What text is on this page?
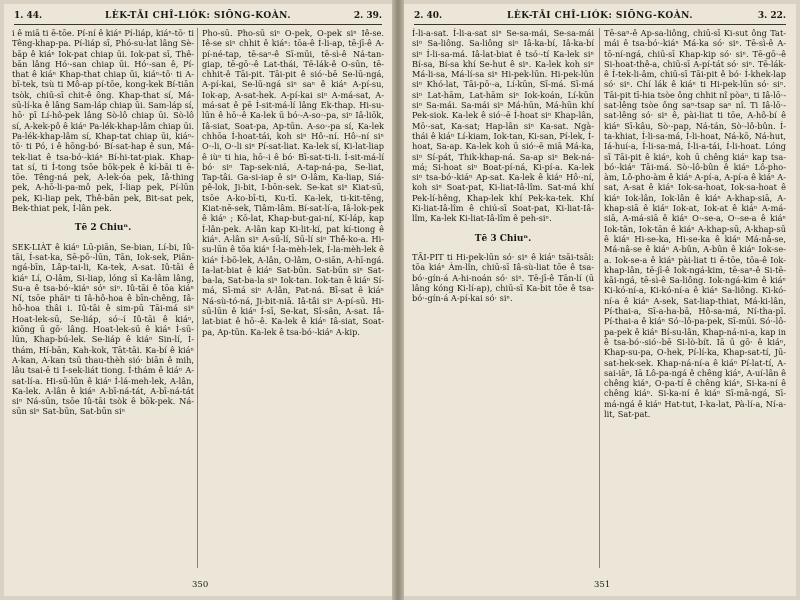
1. 44.	LÈK-TĀI CHÎ-LIÓK: SIŌNG-KOÀN.	2. 39.

i ê miā ti ē-tōe. Pí-ní ê kiáⁿ Pí-liáp, kiáⁿ-tō· ti Têng-khap-pa. Pí-liáp sī, Phó-su-lat lâng Sè-bāp ê kiáⁿ Iok-pat chiap ūi. Iok-pat sī, Thê-bān lâng Hó·-san chiap ūi. Hó·-san ê, Pí-that ê kiáⁿ Khap-that chiap ūi, kiáⁿ-tō· ti A-bī-tek, tsù ti Mô-ap pí-tōe, kong-kek Bí-tiān tsòk, chiū-sī chit-ê ông. Khap-that sí, Má-sū-lí-ka ê lâng Sam-láp chiap ūi. Sam-láp sí, hō· pī Lí-hô-pek lâng Sò-lô chiap ūi. Sò-lô sí, A-kek-pô ê kiáⁿ Pa-lék-khap-lâm chiap ūi. Pa-lék-khap-lâm sí, Khap-tat chiap ūi, kiáⁿ-tō· ti Pó, i ê hōng-bó· Bí-sat-hap ê sun, Má-tek-liat ê tsa-bó·-kiáⁿ Bí-hi-tat-piak. Khap-tat sí, ti Í-tong tsōe bōk-pek ê kí-bāi ti ē-tōe. Têng-ná pek, A-lek-óa pek, Iâ-thing pek, A-hō-li-pa-mô pek, Í-liap pek, Pí-lūn pek, Ki-liap pek, Thê-bān pek, Bit-sat pek, Bek-thiat pek, Í-lân pek.

Tē 2 Chiuⁿ.

SEK-LIÀT ê kiáⁿ Lū-piān, Se-bian, Lí-bi, Iû-tāi, Í-sat-ka, Sē-pō·-lūn, Tān, Iok-sek, Piān-ngá-bīn, Lâp-tai-li, Ka-tek, A-sat. Iû-tāi ê kiáⁿ Lí, O-lâm, Si-liap, lóng sī Ka-lâm lâng, Su-a ê tsa-bó·-kiáⁿ sóⁿ siⁿ. Iû-tāi ê tōa kiáⁿ Ní, tsōe phāiⁿ ti Iâ-hô-hoa ê bīn-chêng, Iâ-hô-hoa thâi i. Iû-tāi ê sim-pū Tāi-má siⁿ Hoat-lek-sū, Se-liáp, só·-í Iû-tāi ê kiáⁿ, kiōng ū gō· lâng. Hoat-lek-sū ê kiáⁿ Í-sū-lūn, Khap-bú-lek. Se-liáp ê kiáⁿ Sin-lí, Í-thám, Hí-bān, Kah-kok, Tāt-tāi. Ka-bí ê kiáⁿ A-kan, A-kan tsū thau-thèh sió· biān ê mih, lâu tsai-ē ti Í-sek-liát tiong. Í-thám ê kiáⁿ A-sat-lí-a. Hi-sū-lūn ê kiáⁿ Í-lá-meh-lek, A-lân, Ka-lek. A-lân ê kiáⁿ A-bī-ná-tát, A-bī-ná-tát siⁿ Ná-sūn, tsōe Iû-tāi tsòk ê bōk-pek. Ná-sūn siⁿ Sat-būn, Sat-būn siⁿ

Pho-sū. Pho-sū siⁿ O-pek, O-pek siⁿ Iê-se. Iê-se siⁿ chhit ê kiáⁿ: tōa-ê Í-li-ap, tē-jī-ê A-pí-né-tap, tē-saⁿ-ê Sī-mūi, tē-sì-ê Ná-tan-giap, tē-gō·-ê Lat-thái, Tē-lák-ê O-sūn, tē-chhit-ê Tāi-pit. Tāi-pit ê sió·-bē Se-lū-ngá, A-pí-kai, Se-lū-ngá siⁿ saⁿ ê kiáⁿ A-pí-su, Iok-ap, A-sat-hek. A-pí-kai siⁿ A-má-sat, A-má-sat ê pē Í-sit-má-lí lâng Ek-thap. Hi-su-lūn ê hō·-ê Ka-lek ū bó·-A-so·-pa, siⁿ Iâ-liōk, Iâ-siat, Soat-pa, Ap-tūn. A-so·-pa sí, Ka-lek chhōa Í-hoat-tái, koh siⁿ Hô·-ní. Hô·-ní siⁿ O·-li, O·-li siⁿ Pí-sat-liat. Ka-lek sí, Ki-lat-liap ê iùⁿ ti hia, hō·-i ê bó· Bī-sat-ti-li. Í-sit-má-lí bó· siⁿ Tap-sek-niá, A-tap-ná-pa, Se-liat, Tap-tâi. Ga-si-iap ê siⁿ O-lâm, Ka-liap, Siá-pê-lok, Ji-bit, I-bōn-sek. Se-kat siⁿ Kiat-sū, tsōe A-ko-bī-ti, Ku-tī. Ka-lek, ti-kit-tēng, Kiat-nē-sek, Tiâm-lâm. Bí-sat-lí-a, Iâ-lok-pek ê kiáⁿ ; Kō-lat, Khap-but-gai-ní, Kí-láp, kap Í-lân-pek. A-lân kap Ki-lit-kí, pat kí-tiong ê kiáⁿ. A-lân siⁿ A-sū-lí, Sū-lí siⁿ Thê-ko-a. Hi-su-lūn ê tōa kiáⁿ Í-la-mèh-lek, Í-la-mèh-lek ê kiáⁿ Í-bō-lek, A-lân, O-lâm, O-siān, A-hī-ngá. Ia-lat-biat ê kiáⁿ Sat-būn. Sat-būn siⁿ Sat-ba-la, Sat-ba-la siⁿ Iok-tan. Iok-tan ê kiáⁿ Sí-má, Sī-má siⁿ A-lân, Pat-ná. Bī-sat ê kiáⁿ Ná-sù-tó-ná, Ji-bit-niā. Iâ-tâi siⁿ A-pí-sū. Hi-sū-lūn ê kiáⁿ Í-sī, Se-kat, Sî-sân, A-sat. Iâ-lat-biat ê hō·-ê. Ka-lek ê kiáⁿ Iâ-siat, Soat-pa, Ap-tūn. Ka-lek ê tsa-bó·-kiáⁿ A-kip.

350
2. 40.	LÈK-TĀI CHÎ-LIÓK: SIŌNG-KOÀN.	3. 22.

Í-li-a-sat. Í-li-a-sat siⁿ Se-sa-mái, Se-sa-mái siⁿ Sa-liông. Sa-liông siⁿ Iâ-ka-bí, Iâ-ka-bí siⁿ Í-li-sa-má. Iâ-lat-biat ê tsó·-tí Ka-lek siⁿ Bí-sa, Bí-sa khí Se-hut ê siⁿ. Ka-lek koh siⁿ Má-li-sa, Má-lí-sa siⁿ Hi-pek-lūn. Hi-pek-lūn siⁿ Khó-lat, Tāi-pō·-a, Lí-kūn, Sī-má. Sī-má siⁿ Lat-hām, Lat-hām siⁿ Iok-koán, Lí-kūn siⁿ Sa-mái. Sa-mái siⁿ Má-hūn, Má-hūn khí Pek-siok. Ka-lek ê sió·-ē Í-hoat siⁿ Khap-lân, Mō·-sat, Ka-sat; Hap-lân siⁿ Ka-sat. Ngà-thái ê kiáⁿ Lí-kiam, Iok-tan, Ki-san, Pí-lek, Í-hoat, Sa-ap. Ka-lek koh ū sió·-ē miā Má-ka, siⁿ Sí-pát, Thik-khap-ná. Sa-ap siⁿ Bek-ná-má; Si-hoat siⁿ Boat-pí-ná, Ki-pí-a. Ka-lek siⁿ tsa-bó·-kiáⁿ Ap-sat. Ka-lek ê kiáⁿ Hô·-ní, koh siⁿ Soat-pat, Ki-liat-Iâ-lîm. Sat-má khí Pek-lí-hêng, Khap-lek khí Pek-ka-tek. Khí Ki-liat-Iâ-lîm ê chiú-sī Soat-pat, Ki-liat-Iâ-lîm, Ka-lek Ki-liat-Iâ-lîm ê peh-siⁿ.

Tē 3 Chiuⁿ.

TĀI-PIT ti Hi-pek-lūn só· siⁿ ê kiáⁿ tsāi-tsāi: tōa kiáⁿ Àm-lîn, chiū-sī Iâ-sù-liat tōe ê tsa-bó·-gín-á A-hi-noán só· siⁿ. Tē-jī-ê Tān-lí (ū lâng kóng Ki-lí-ap), chiū-sī Ka-bit tōe ê tsa-bó·-gín-á A-pí-kai só· siⁿ.

Tē-saⁿ-ê Ap-sa-liông, chiū-sī Ki-sut ông Tat-mái ê tsa-bó·-kiáⁿ Má-ka só· siⁿ. Tē-sì-ê A-tō-ní-ngá, chiū-sī Khap-kip só· siⁿ. Tē-gō·-ê Si-hoat-thê-a, chiū-sī A-pí-tát só· siⁿ. Tē-lák-ê Í-tek-li-âm, chiū-sī Tāi-pit ê bó· Í-khek-lap só· siⁿ. Chí lák ê kiáⁿ ti Hi-pek-lūn só· siⁿ. Tāi-pit tī-hia tsòe ông chhit nî pòaⁿ, ti Iâ-lō·-sat-lêng tsòe ông saⁿ-tsap saⁿ nî. Ti Iâ-lō·-sat-lêng só· siⁿ ê, pài-liat ti tōe, A-hô-bí ê kiáⁿ Sī-kâu, Sò·-pap, Ná-tán, Sò·-lô-bûn. Í-ta-khiat, Í-li-sa-má, Í-li-hoat, Ná-kō, Ná-hut, Iá-huí-a, Í-li-sa-má, Í-li-a-tái, Í-li-hoat. Lóng sī Tāi-pit ê kiáⁿ, koh ū chêng kiáⁿ kap tsa-bó·-kiáⁿ Tāi-má. Sò·-lô-bûn ê kiáⁿ Lô-pho-àm, Lô-pho-àm ê kiáⁿ A-pí-a, A-pí-a ê kiáⁿ A-sat, A-sat ê kiáⁿ Iok-sa-hoat, Iok-sa-hoat ê kiáⁿ Iok-lân, Iok-lân ê kiáⁿ A-khap-siā, A-khap-siā ê kiáⁿ Iok-at, Iok-at ê kiáⁿ A-má-siā, A-má-siā ê kiáⁿ O·-se-a, O·-se-a ê kiáⁿ Iok-tān, Iok-tān ê kiáⁿ A-khap-sū, A-khap-sū ê kiáⁿ Hi-se-ka, Hi-se-ka ê kiáⁿ Má-nâ-se, Má-nâ-se ê kiáⁿ A-bûn, A-bûn ê kiáⁿ Iok-se-a. Iok-se-a ê kiáⁿ pài-liat ti ē-tōe, tōa-ê Iok-khap-lân, tē-jī-ê Iok-ngá-kim, tē-saⁿ-ê Si-tē-kāi-ngá, tē-sì-ê Sa-liông. Iok-ngá-kim ê kiáⁿ Ki-kó-ní-a, Ki-kó-ní-a ê kiáⁿ Sa-liông. Ki-kó-ní-a ê kiáⁿ A-sek, Sat-liap-thiat, Má-ki-lân, Pí-thai-a, Sī-a-ha-bā, Hô-sa-má, Ní-tha-pī. Pí-thai-a ê kiáⁿ Só·-lô-pa-pek, Sī-mūi. Só·-lô-pa-pek ê kiáⁿ Bí-su-lân, Khap-ná-ni-a, kap in ê tsa-bó·-sió·-bē Si-lò-bít. Iā ū gō· ê kiáⁿ, Khap-su-pa, O-hek, Pí-lí-ka, Khap-sat-tí, Jū-sat-hek-sek. Khap-ná-ní-a ê kiáⁿ Pí-lat-tí, A-sai-iāⁿ, Iā Lô-pa-ngá ê chêng kiáⁿ, A-uí-lân ê chêng kiáⁿ, O-pa-tí ê chêng kiáⁿ, Si-ka-ní ê chêng kiáⁿ. Si-ka-ní ê kiáⁿ Sī-mā-ngá, Sī-má-ngá ê kiáⁿ Hat-tut, I-ka-lat, Pà-lí-a, Ní-a-lit, Sat-pat.

351
